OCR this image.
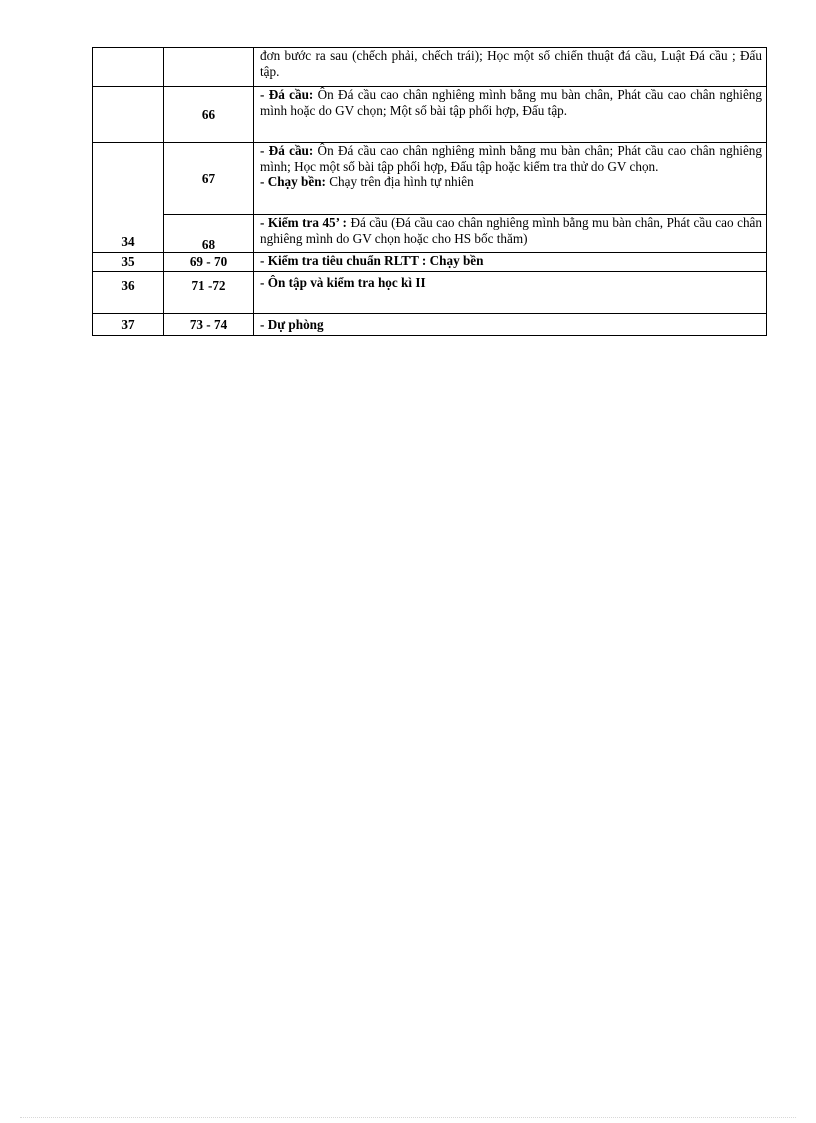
		đơn bước ra sau (chếch phải, chếch trái); Học một số chiến thuật đá cầu, Luật Đá cầu ; Đấu tập.
	66	- Đá cầu: Ôn Đá cầu cao chân nghiêng mình bằng mu bàn chân, Phát cầu cao chân nghiêng mình hoặc do GV chọn; Một số bài tập phối hợp, Đấu tập.
34	67	- Đá cầu: Ôn Đá cầu cao chân nghiêng mình bằng mu bàn chân; Phát cầu cao chân nghiêng mình; Học một số bài tập phối hợp, Đấu tập hoặc kiểm tra thử do GV chọn.
- Chạy bền: Chạy trên địa hình tự nhiên
	68	- Kiểm tra 45’ : Đá cầu (Đá cầu cao chân nghiêng mình bằng mu bàn chân, Phát cầu cao chân nghiêng mình do GV chọn hoặc cho HS bốc thăm)
35	69 - 70	- Kiểm tra tiêu chuẩn RLTT : Chạy bền
36	71 -72	- Ôn tập và kiểm tra học kì II
37	73 - 74	- Dự phòng
